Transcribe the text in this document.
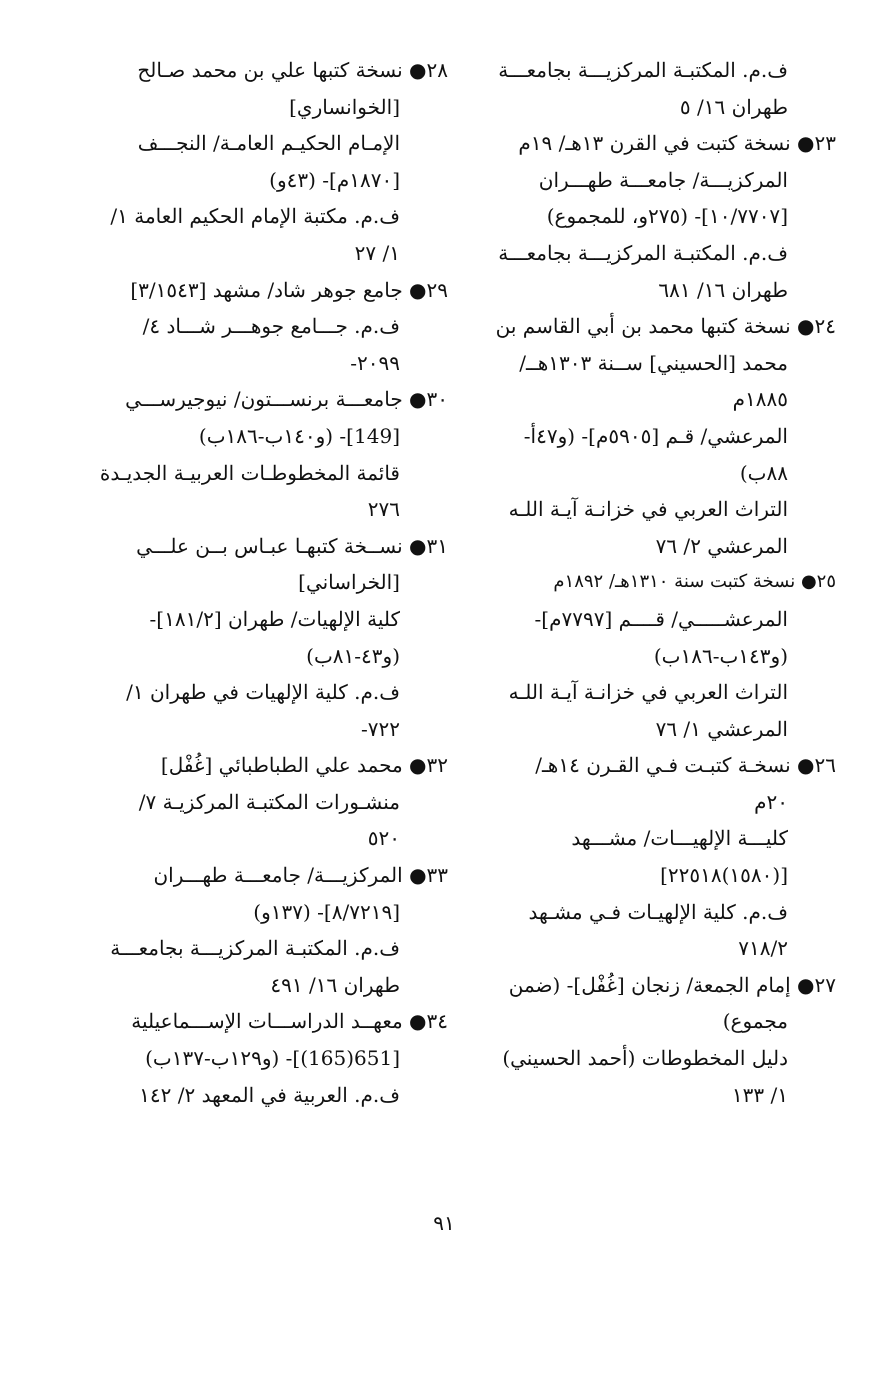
ف.م. المكتبـة المركزيـــة بجامعـــة
طهران ١٦/ ٥
٢٣● نسخة كتبت في القرن ١٣هـ/ ١٩م
المركزيـــة/ جامعـــة طهـــران
[١٠/٧٧٠٧]- (٢٧٥و، للمجموع)
ف.م. المكتبـة المركزيـــة بجامعـــة
طهران ١٦/ ٦٨١
٢٤● نسخة كتبها محمد بن أبي القاسم بن
محمد [الحسيني] ســنة ١٣٠٣هــ/
١٨٨٥م
المرعشي/ قـم [٥٩٠٥م]- (و٤٧أ-
٨٨ب)
التراث العربي في خزانـة آيـة اللـه
المرعشي ٢/ ٧٦
٢٥● نسخة كتبت سنة ١٣١٠هـ/ ١٨٩٢م
المرعشـــــي/ قــــم [٧٧٩٧م]-
(و١٤٣ب-١٨٦ب)
التراث العربي في خزانـة آيـة اللـه
المرعشي ١/ ٧٦
٢٦● نسخـة كتبـت فـي القـرن ١٤هـ/
٢٠م
كليـــة الإلهيـــات/ مشـــهد
[(١٥٨٠)٢٢٥١٨]
ف.م. كلية الإلهيـات فـي مشـهد
٧١٨/٢
٢٧● إمام الجمعة/ زنجان [غُفْل]- (ضمن
مجموع)
دليل المخطوطات (أحمد الحسيني)
١/ ١٣٣
٢٨● نسخة كتبها علي بن محمد صـالح
[الخوانساري]
الإمـام الحكيـم العامـة/ النجـــف
[١٨٧٠م]- (٤٣و)
ف.م. مكتبة الإمام الحكيم العامة ١/
١/ ٢٧
٢٩● جامع جوهر شاد/ مشهد [٣/١٥٤٣]
ف.م. جـــامع جوهـــر شـــاد ٤/
٢٠٩٩-
٣٠● جامعـــة برنســـتون/ نيوجيرســـي
[149]- (و١٤٠ب-١٨٦ب)
قائمة المخطوطـات العربيـة الجديـدة
٢٧٦
٣١● نســخة كتبهـا عبـاس بــن علـــي
[الخراساني]
كلية الإلهيات/ طهران [١٨١/٢]-
(و٤٣-٨١ب)
ف.م. كلية الإلهيات في طهران ١/
٧٢٢-
٣٢● محمد علي الطباطبائي [غُفْل]
منشـورات المكتبـة المركزيـة ٧/
٥٢٠
٣٣● المركزيـــة/ جامعـــة طهـــران
[٨/٧٢١٩]- (١٣٧و)
ف.م. المكتبـة المركزيـــة بجامعـــة
طهران ١٦/ ٤٩١
٣٤● معهــد الدراســـات الإســـماعيلية
[651(165)]- (و١٢٩ب-١٣٧ب)
ف.م. العربية في المعهد ٢/ ١٤٢
٩١
